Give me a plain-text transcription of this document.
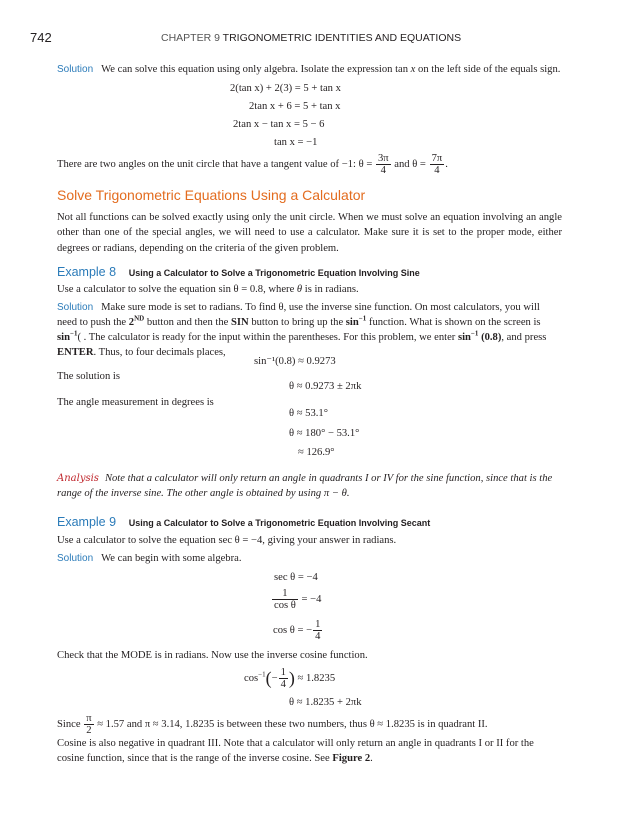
742	CHAPTER 9 TRIGONOMETRIC IDENTITIES AND EQUATIONS
Solution We can solve this equation using only algebra. Isolate the expression tan x on the left side of the equals sign.
2(tan x) + 2(3) = 5 + tan x
2tan x + 6 = 5 + tan x
2tan x − tan x = 5 − 6
tan x = −1
There are two angles on the unit circle that have a tangent value of −1: $\theta = \frac{3\pi}{4}$ and $\theta = \frac{7\pi}{4}$ .
Solve Trigonometric Equations Using a Calculator
Not all functions can be solved exactly using only the unit circle. When we must solve an equation involving an angle other than one of the special angles, we will need to use a calculator. Make sure it is set to the proper mode, either degrees or radians, depending on the criteria of the given problem.
Example 8 Using a Calculator to Solve a Trigonometric Equation Involving Sine
Use a calculator to solve the equation sin θ = 0.8, where θ is in radians.
Solution Make sure mode is set to radians. To find θ, use the inverse sine function. On most calculators, you will
need to push the 2ND button and then the SIN button to bring up the $\sin^{-1}$ function. What is shown on the screen is
$\sin^{-1}$( . The calculator is ready for the input within the parentheses. For this problem, we enter $\sin^{-1} (0.8)$, and press
ENTER. Thus, to four decimals places,
sin⁻¹(0.8) ≈ 0.9273
The solution is
θ ≈ 0.9273 ± 2πk
The angle measurement in degrees is
θ ≈ 53.1°
θ ≈ 180° − 53.1°
≈ 126.9°
Analysis Note that a calculator will only return an angle in quadrants I or IV for the sine function, since that is the
range of the inverse sine. The other angle is obtained by using π − θ.
Example 9 Using a Calculator to Solve a Trigonometric Equation Involving Secant
Use a calculator to solve the equation sec θ = −4, giving your answer in radians.
Solution We can begin with some algebra.
sec θ = −4
$\frac{1}{\text{cos θ}} = -4$
cos θ = − $\frac{1}{4}$
Check that the MODE is in radians. Now use the inverse cosine function.
$\cos^{-1}(- \frac{1}{4}$ ) ≈ 1.8235
θ ≈ 1.8235 + 2πk
Since $\frac{\pi}{2} \approx 1.57$ and π ≈ 3.14, 1.8235 is between these two numbers, thus θ ≈ 1.8235 is in quadrant II.
Cosine is also negative in quadrant III. Note that a calculator will only return an angle in quadrants I or II for the
cosine function, since that is the range of the inverse cosine. See Figure 2.
